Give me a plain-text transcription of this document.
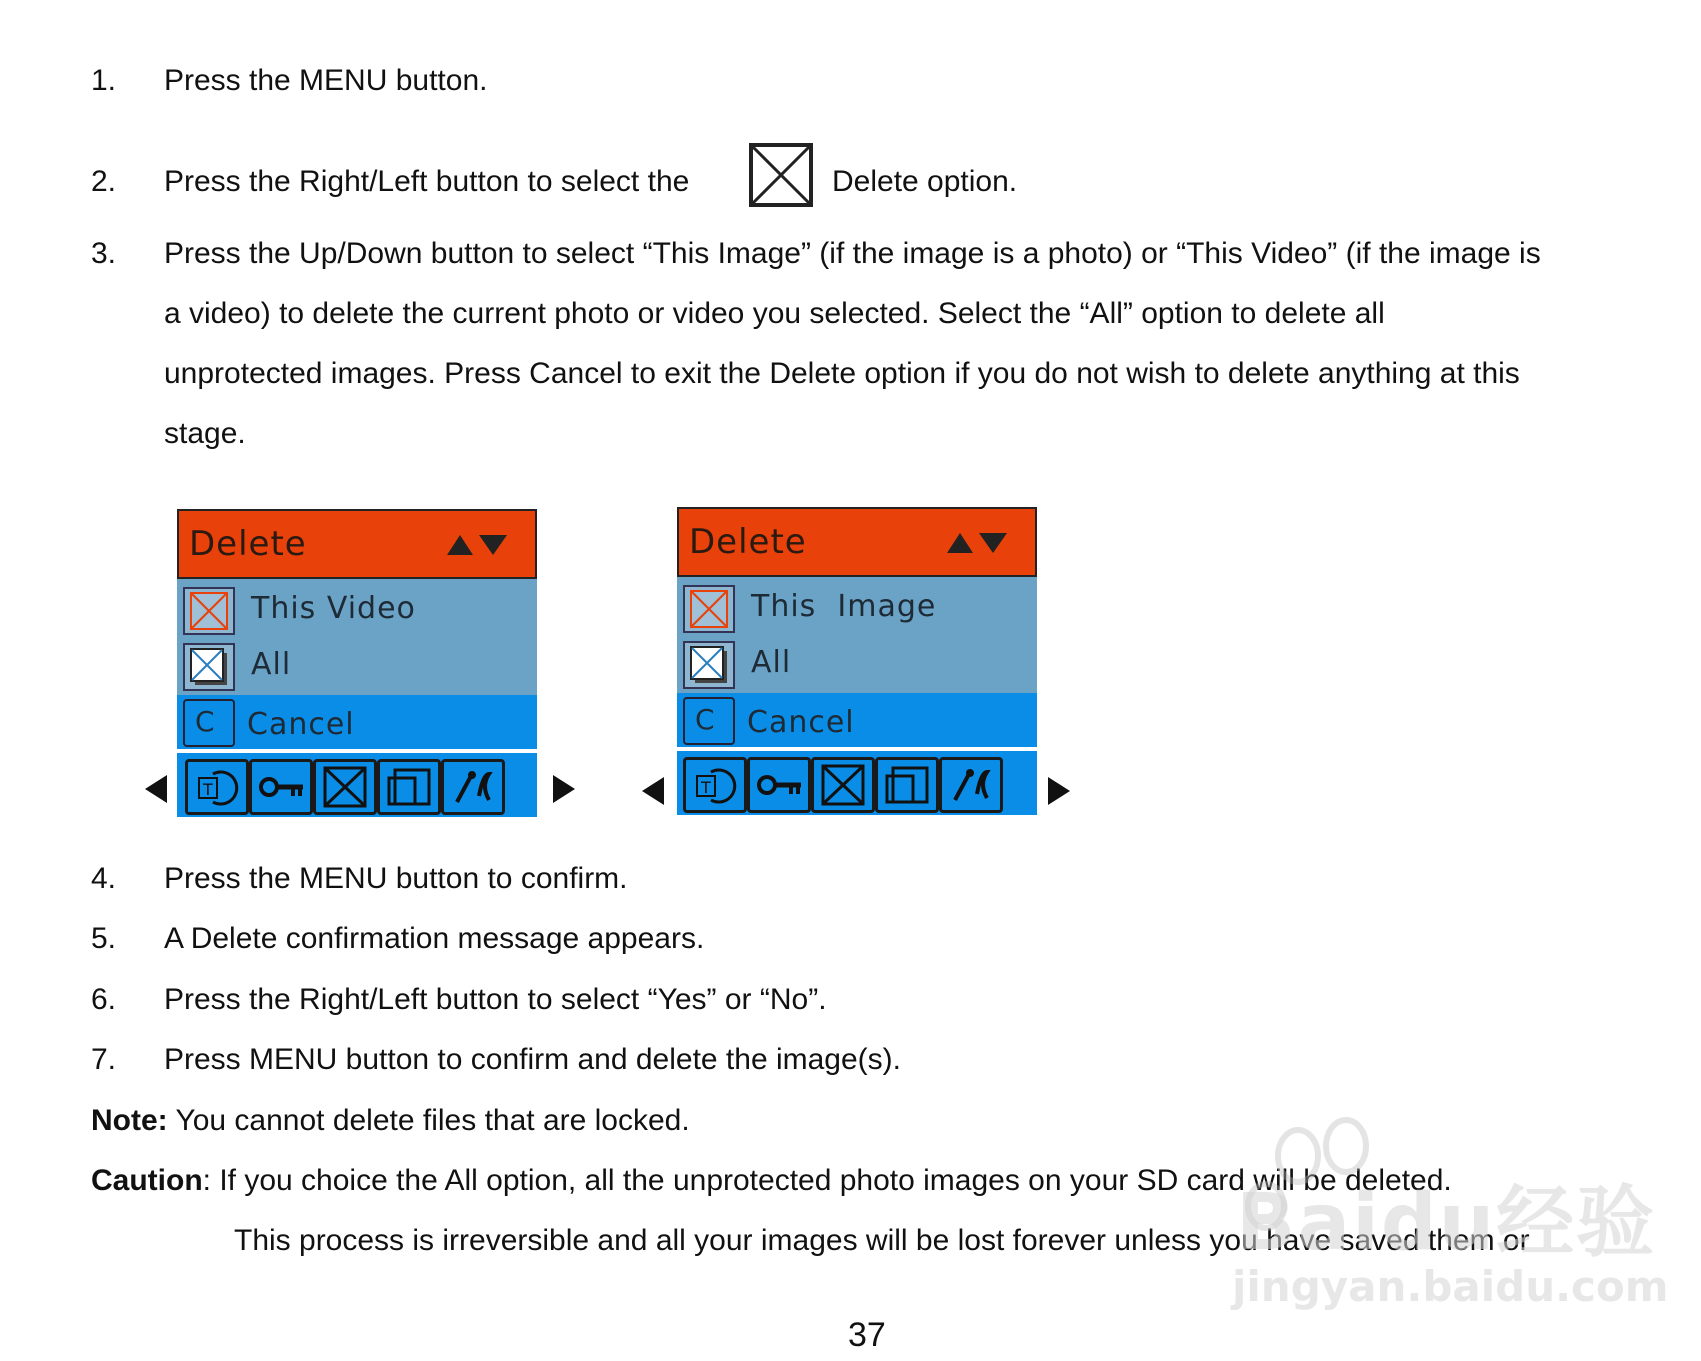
1. Press the MENU button.
2. Press the Right/Left button to select the	Delete option.
3. Press the Up/Down button to select “This Image” (if the image is a photo) or “This Video” (if the image is
a video) to delete the current photo or video you selected. Select the “All” option to delete all
unprotected images. Press Cancel to exit the Delete option if you do not wish to delete anything at this
stage.
Delete
This Video
All
C Cancel
T
Delete
This  Image
All
C Cancel
T
4. Press the MENU button to confirm.
5. A Delete confirmation message appears.
6. Press the Right/Left button to select “Yes” or “No”.
7. Press MENU button to confirm and delete the image(s).
Note: You cannot delete files that are locked.
Caution: If you choice the All option, all the unprotected photo images on your SD card will be deleted.
This process is irreversible and all your images will be lost forever unless you have saved them or
37
Baidu经验
jingyan.baidu.com
